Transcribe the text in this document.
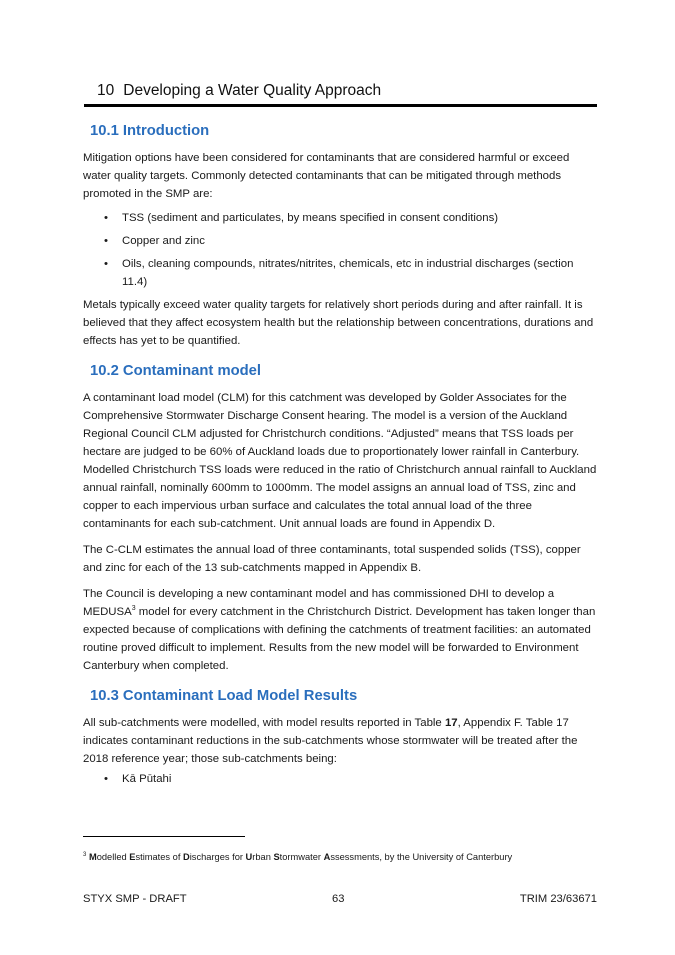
10 Developing a Water Quality Approach
10.1 Introduction

Mitigation options have been considered for contaminants that are considered harmful or exceed water quality targets. Commonly detected contaminants that can be mitigated through methods promoted in the SMP are:

• TSS (sediment and particulates, by means specified in consent conditions)
• Copper and zinc
• Oils, cleaning compounds, nitrates/nitrites, chemicals, etc in industrial discharges (section 11.4)

Metals typically exceed water quality targets for relatively short periods during and after rainfall. It is believed that they affect ecosystem health but the relationship between concentrations, durations and effects has yet to be quantified.

10.2 Contaminant model

A contaminant load model (CLM) for this catchment was developed by Golder Associates for the Comprehensive Stormwater Discharge Consent hearing. The model is a version of the Auckland Regional Council CLM adjusted for Christchurch conditions. “Adjusted” means that TSS loads per hectare are judged to be 60% of Auckland loads due to proportionately lower rainfall in Canterbury. Modelled Christchurch TSS loads were reduced in the ratio of Christchurch annual rainfall to Auckland annual rainfall, nominally 600mm to 1000mm. The model assigns an annual load of TSS, zinc and copper to each impervious urban surface and calculates the total annual load of the three contaminants for each sub-catchment. Unit annual loads are found in Appendix D.

The C-CLM estimates the annual load of three contaminants, total suspended solids (TSS), copper and zinc for each of the 13 sub-catchments mapped in Appendix B.

The Council is developing a new contaminant model and has commissioned DHI to develop a MEDUSA$^3$ model for every catchment in the Christchurch District. Development has taken longer than expected because of complications with defining the catchments of treatment facilities: an automated routine proved difficult to implement. Results from the new model will be forwarded to Environment Canterbury when completed.

10.3 Contaminant Load Model Results

All sub-catchments were modelled, with model results reported in Table 17, Appendix F. Table 17 indicates contaminant reductions in the sub-catchments whose stormwater will be treated after the 2018 reference year; those sub-catchments being:

• Kā Pūtahi
$^3$ Modelled Estimates of Discharges for Urban Stormwater Assessments, by the University of Canterbury
STYX SMP - DRAFT	63	TRIM 23/63671
